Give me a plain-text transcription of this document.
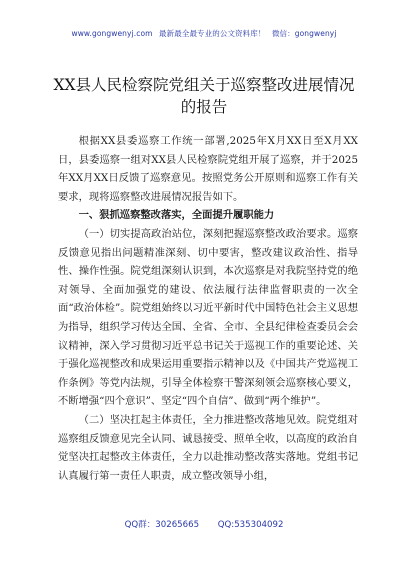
www.gongwenyj.com 最新最全最专业的公文资料库！ 微信：gongwenyj
XX县人民检察院党组关于巡察整改进展情况
的报告

根据XX县委巡察工作统一部署,2025年X月XX日至X月XX日，县委巡察一组对XX县人民检察院党组开展了巡察，并于2025年XX月XX日反馈了巡察意见。按照党务公开原则和巡察工作有关要求，现将巡察整改进展情况报告如下。

一、狠抓巡察整改落实，全面提升履职能力

（一）切实提高政治站位，深刻把握巡察整改政治要求。巡察反馈意见指出问题精准深刻、切中要害，整改建议政治性、指导性、操作性强。院党组深刻认识到，本次巡察是对我院坚持党的绝对领导、全面加强党的建设、依法履行法律监督职责的一次全面“政治体检”。院党组始终以习近平新时代中国特色社会主义思想为指导，组织学习传达全国、全省、全市、全县纪律检查委员会会议精神，深入学习贯彻习近平总书记关于巡视工作的重要论述、关于强化巡视整改和成果运用重要指示精神以及《中国共产党巡视工作条例》等党内法规，引导全体检察干警深刻领会巡察核心要义，不断增强“四个意识”、坚定“四个自信”、做到“两个维护”。

（二）坚决扛起主体责任，全力推进整改落地见效。院党组对巡察组反馈意见完全认同、诚恳接受、照单全收，以高度的政治自觉坚决扛起整改主体责任，全力以赴推动整改落实落地。党组书记认真履行第一责任人职责，成立整改领导小组，

QQ群：30265665 QQ:535304092
